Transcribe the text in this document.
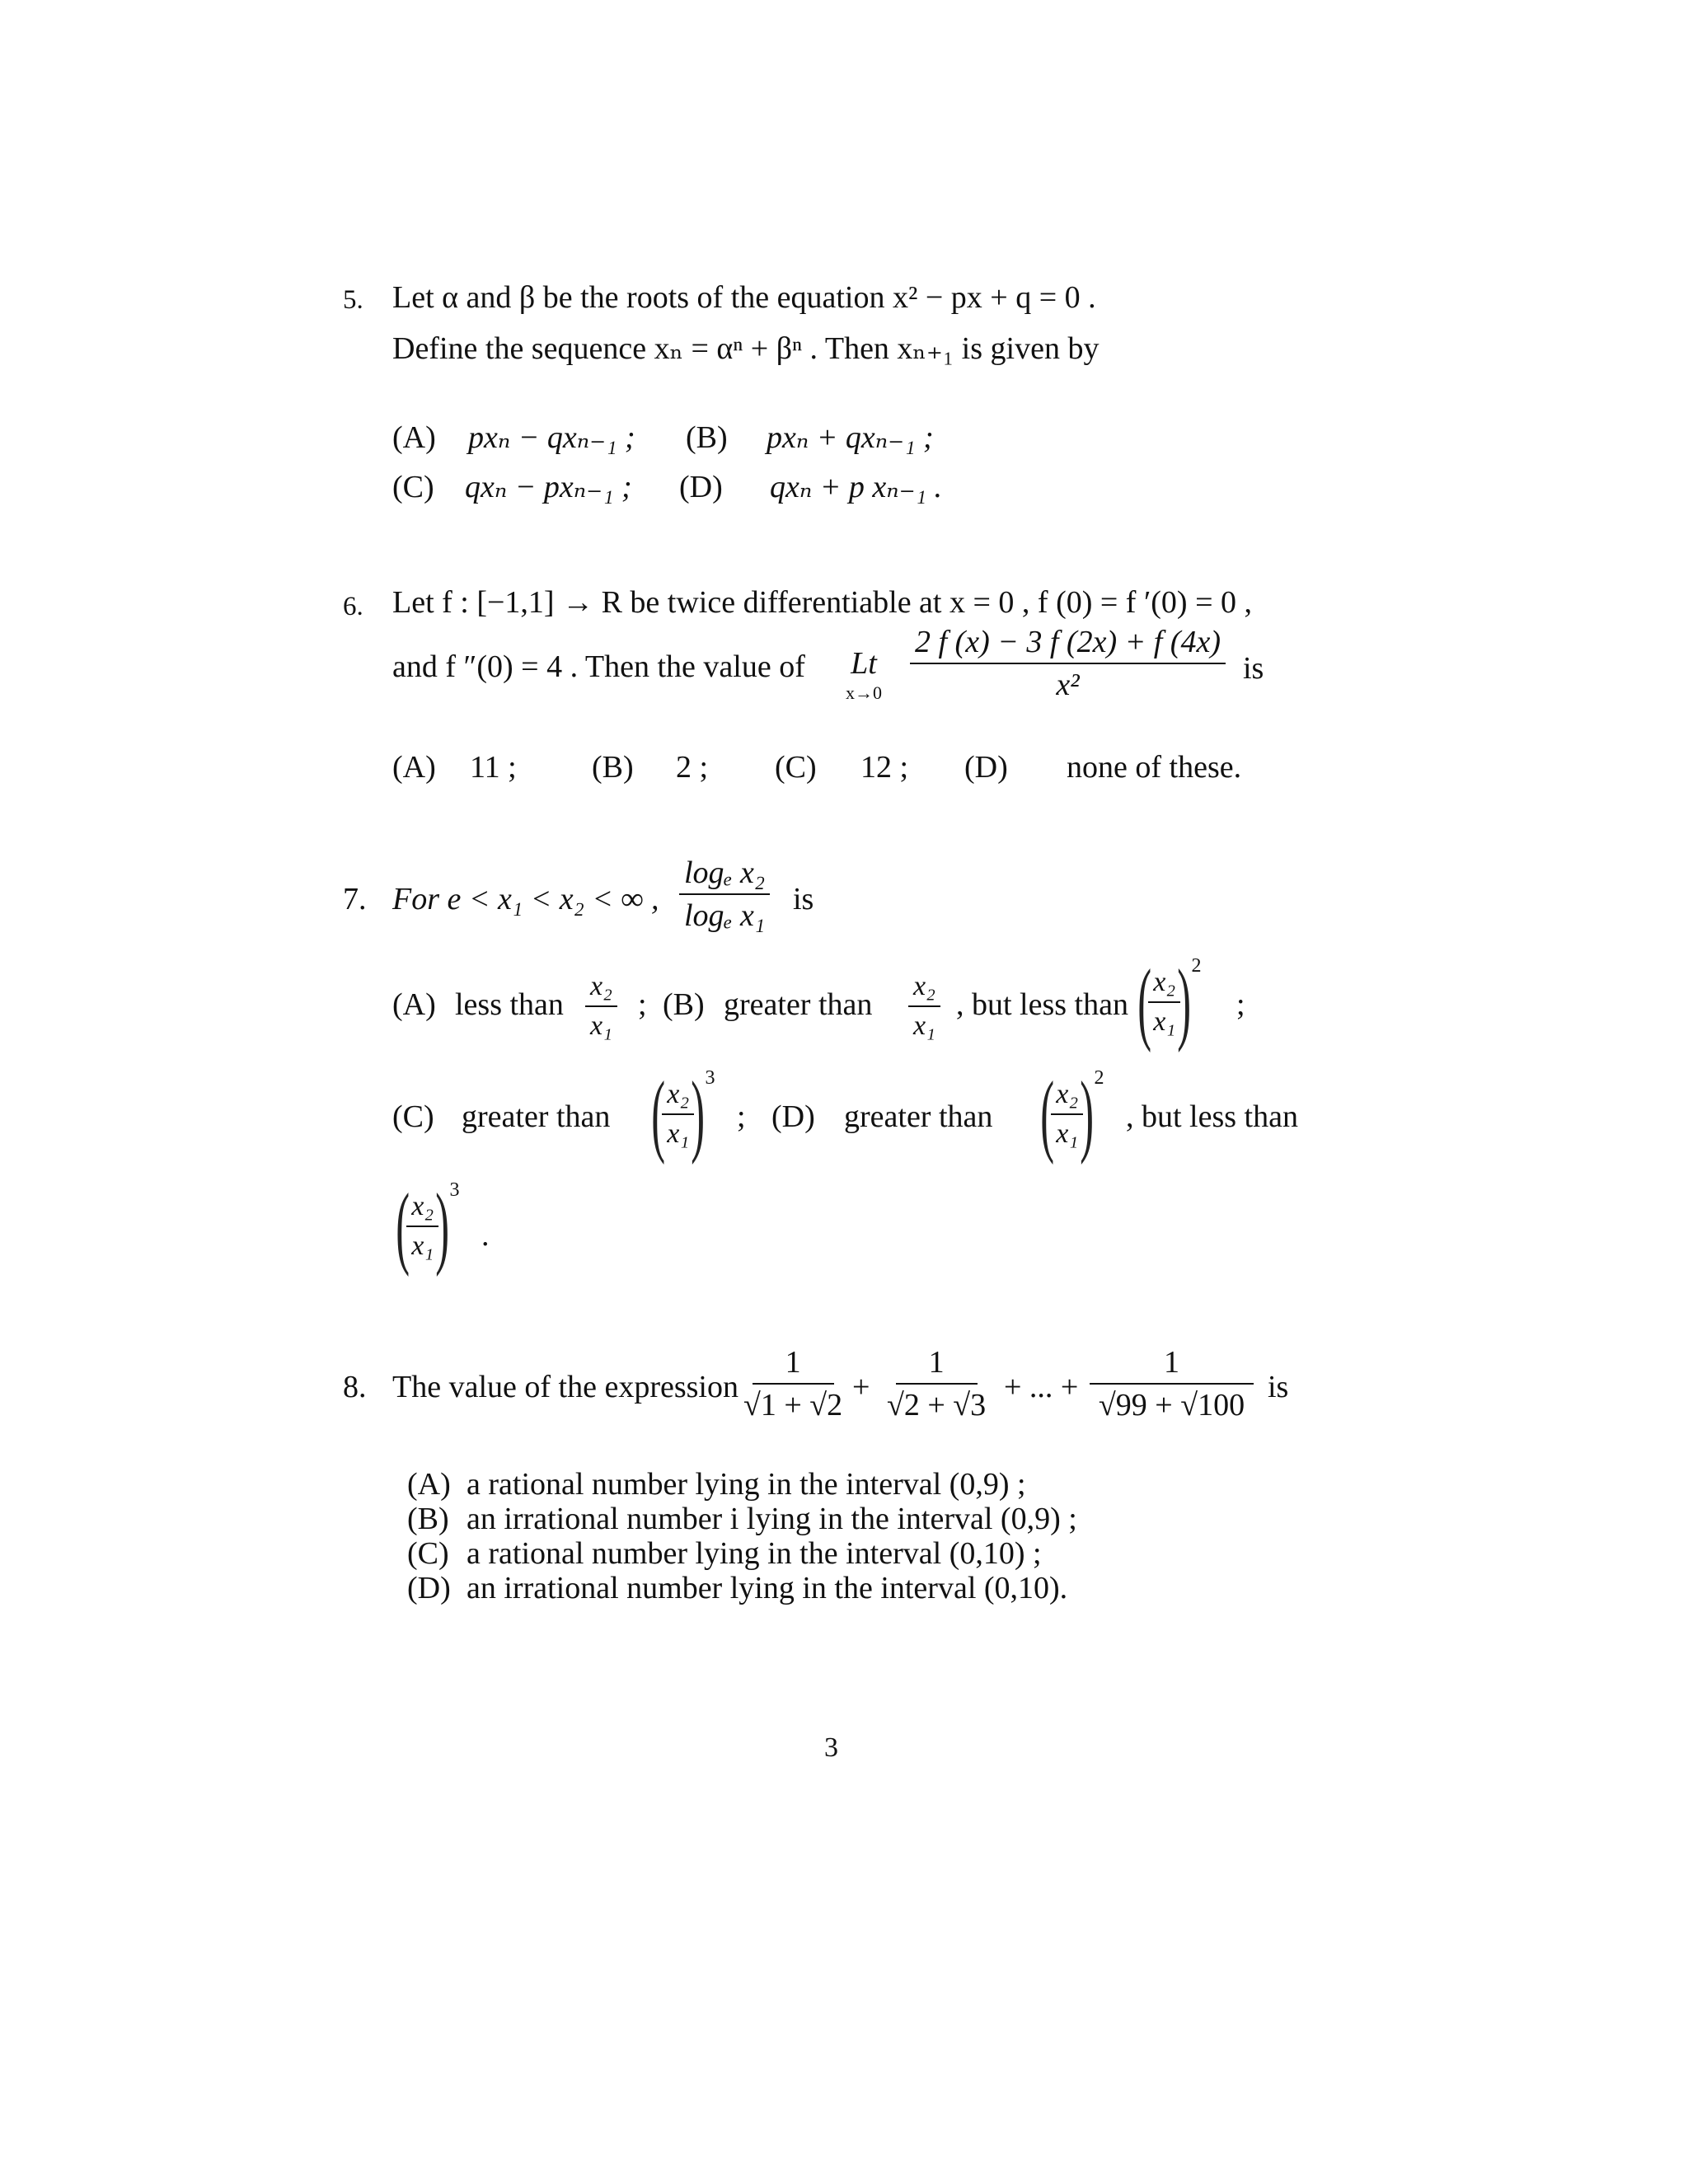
5. Let α and β be the roots of the equation x² − px + q = 0 .
Define the sequence xₙ = αⁿ + βⁿ . Then xₙ₊₁ is given by
(A) pxₙ − qxₙ₋₁ ; (B) pxₙ + qxₙ₋₁ ;
(C) qxₙ − pxₙ₋₁ ; (D) qxₙ + p xₙ₋₁ .
6. Let f : [−1,1] → R be twice differentiable at x = 0 , f (0) = f ′(0) = 0 ,
and f ″(0) = 4 . Then the value of Lt
$x\to 0 \frac{2 f (x) - 3 f (2x) + f (4x)}{\text{x²}}$ is
(A) 11 ; (B) 2 ; (C) 12 ; (D) none of these.
7. For e < x₁ < x₂ < ∞ , $\frac{\text{logₑ x₂}}{\text{logₑ x₁}}$ is
(A) less than $\frac{\text{x₂}}{\text{x₁}}$ ; (B) greater than $\frac{\text{x₂}}{\text{x₁}}$ , but less than (
$\frac{\text{x₂}}{\text{x₁}}$
) 2
;
(C) greater than (
$\frac{\text{x₂}}{\text{x₁}}$
) 3
; (D) greater than (
$\frac{\text{x₂}}{\text{x₁}}$
) 2
, but less than
(
$\frac{\text{x₂}}{\text{x₁}}$
) 3
.
8. The value of the expression $\frac{1}{√1 + √2} + \frac{1}{√2 + √3}$ + ... + $\frac{1}{√99 + √100}$ is
(A) a rational number lying in the interval (0,9) ;
(B) an irrational number i lying in the interval (0,9) ;
(C) a rational number lying in the interval (0,10) ;
(D) an irrational number lying in the interval (0,10).
3
